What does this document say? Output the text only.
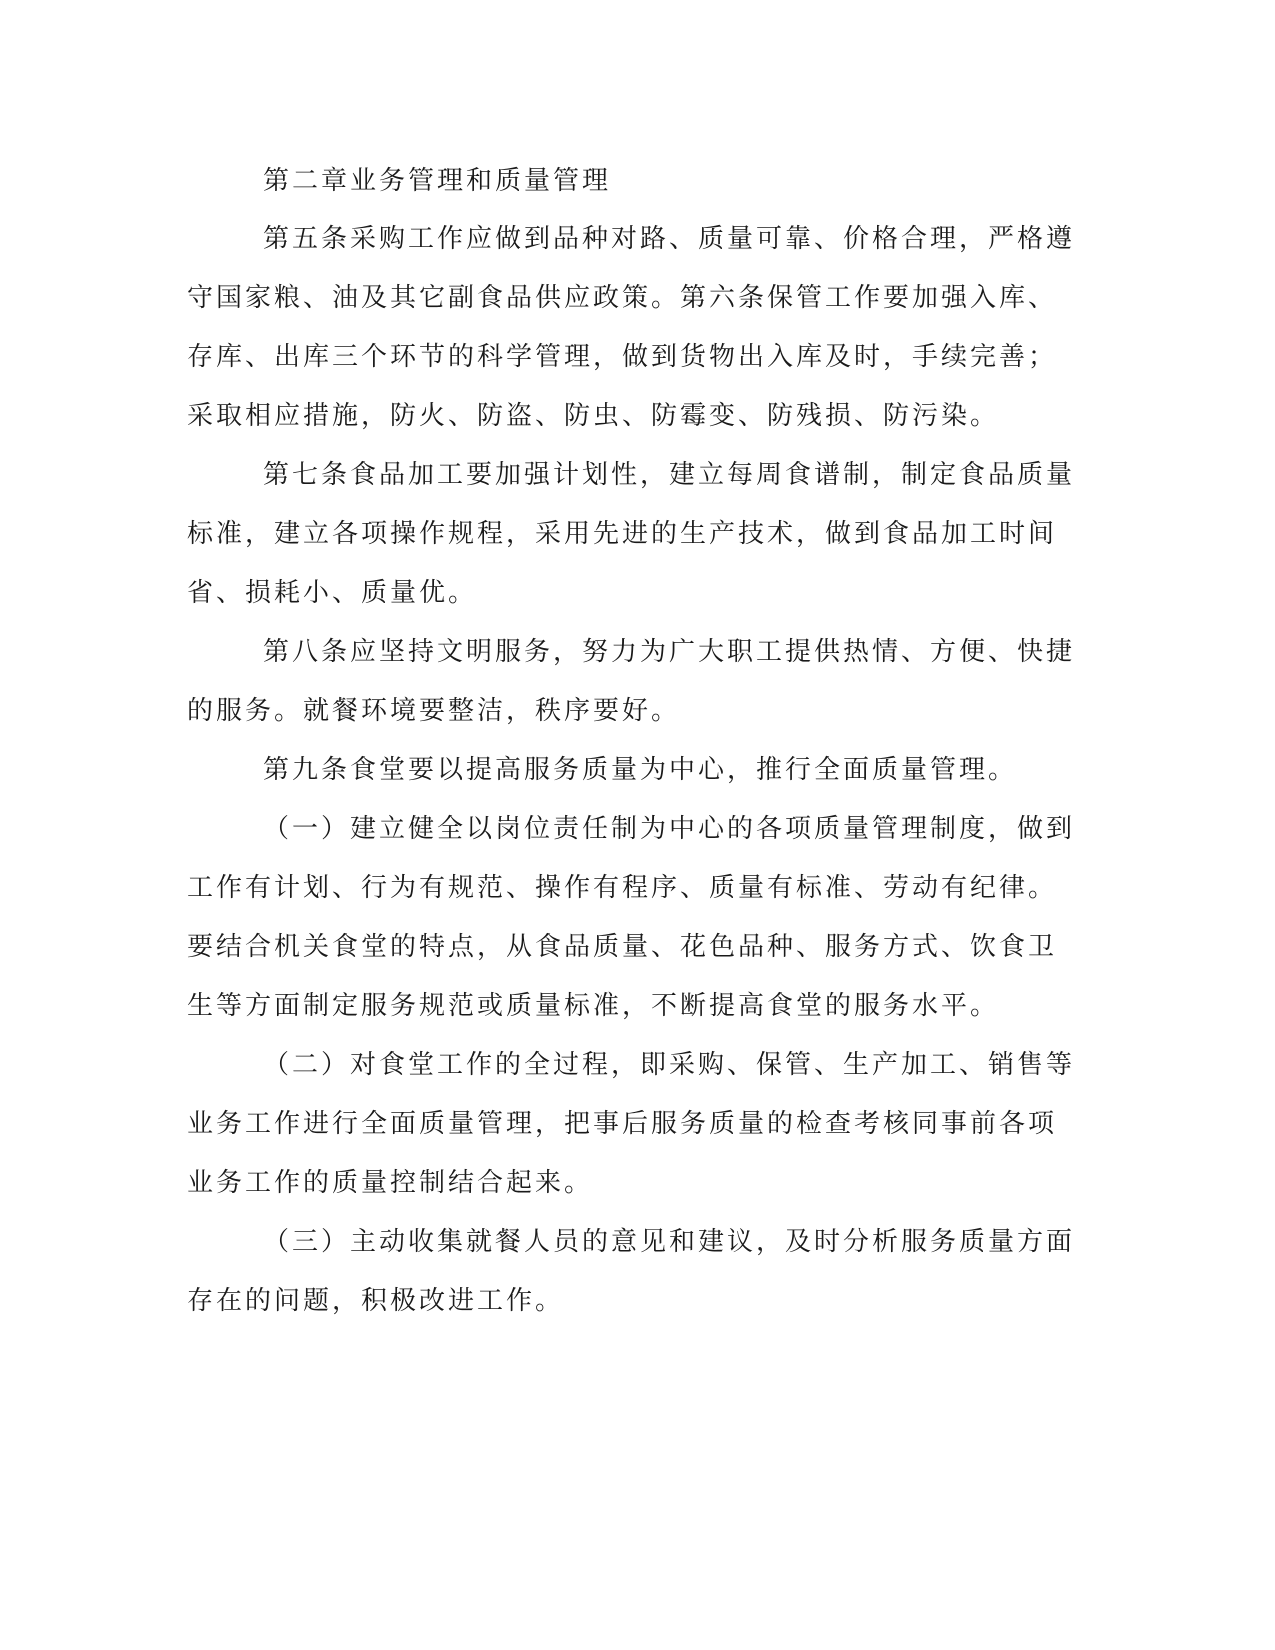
第二章业务管理和质量管理
第五条采购工作应做到品种对路、质量可靠、价格合理，严格遵
守国家粮、油及其它副食品供应政策。第六条保管工作要加强入库、
存库、出库三个环节的科学管理，做到货物出入库及时，手续完善；
采取相应措施，防火、防盗、防虫、防霉变、防残损、防污染。
第七条食品加工要加强计划性，建立每周食谱制，制定食品质量
标准，建立各项操作规程，采用先进的生产技术，做到食品加工时间
省、损耗小、质量优。
第八条应坚持文明服务，努力为广大职工提供热情、方便、快捷
的服务。就餐环境要整洁，秩序要好。
第九条食堂要以提高服务质量为中心，推行全面质量管理。
（一）建立健全以岗位责任制为中心的各项质量管理制度，做到
工作有计划、行为有规范、操作有程序、质量有标准、劳动有纪律。
要结合机关食堂的特点，从食品质量、花色品种、服务方式、饮食卫
生等方面制定服务规范或质量标准，不断提高食堂的服务水平。
（二）对食堂工作的全过程，即采购、保管、生产加工、销售等
业务工作进行全面质量管理，把事后服务质量的检查考核同事前各项
业务工作的质量控制结合起来。
（三）主动收集就餐人员的意见和建议，及时分析服务质量方面
存在的问题，积极改进工作。
